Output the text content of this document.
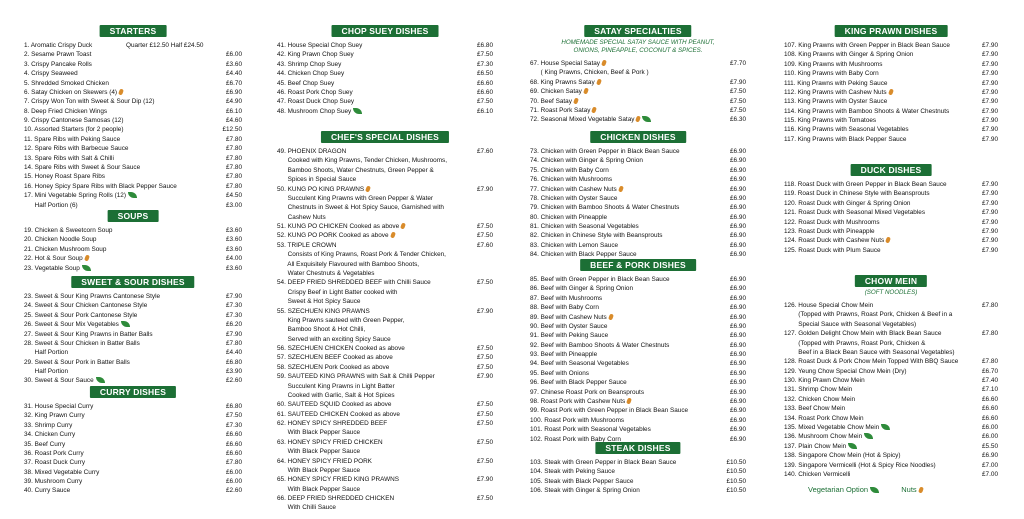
STARTERS
1. Aromatic Crispy Duck	Quarter £12.50 Half £24.50
2. Sesame Prawn Toast	£6.00
3. Crispy Pancake Rolls	£3.60
4. Crispy Seaweed	£4.40
5. Shredded Smoked Chicken	£6.70
6. Satay Chicken on Skewers (4)	£6.90
7. Crispy Won Ton with Sweet & Sour Dip (12)	£4.90
8. Deep Fried Chicken Wings	£6.10
9. Crispy Cantonese Samosas (12)	£4.60
10. Assorted Starters (for 2 people)	£12.50
11. Spare Ribs with Peking Sauce	£7.80
12. Spare Ribs with Barbecue Sauce	£7.80
13. Spare Ribs with Salt & Chilli	£7.80
14. Spare Ribs with Sweet & Sour Sauce	£7.80
15. Honey Roast Spare Ribs	£7.80
16. Honey Spicy Spare Ribs with Black Pepper Sauce	£7.80
17. Mini Vegetable Spring Rolls (12)	£4.50
Half Portion (6)	£3.00
SOUPS
19. Chicken & Sweetcorn Soup	£3.60
20. Chicken Noodle Soup	£3.60
21. Chicken Mushroom Soup	£3.60
22. Hot & Sour Soup	£4.00
23. Vegetable Soup	£3.60
SWEET & SOUR DISHES
23. Sweet & Sour King Prawns Cantonese Style	£7.90
24. Sweet & Sour Chicken Cantonese Style	£7.30
25. Sweet & Sour Pork Cantonese Style	£7.30
26. Sweet & Sour Mix Vegetables	£6.20
27. Sweet & Sour King Prawns in Batter Balls	£7.90
28. Sweet & Sour Chicken in Batter Balls	£7.80
Half Portion	£4.40
29. Sweet & Sour Pork in Batter Balls	£6.80
Half Portion	£3.90
30. Sweet & Sour Sauce	£2.60
CURRY DISHES
31. House Special Curry	£6.80
32. King Prawn Curry	£7.50
33. Shrimp Curry	£7.30
34. Chicken Curry	£6.60
35. Beef Curry	£6.60
36. Roast Pork Curry	£6.60
37. Roast Duck Curry	£7.80
38. Mixed Vegetable Curry	£6.00
39. Mushroom Curry	£6.00
40. Curry Sauce	£2.60
CHOP SUEY DISHES
41. House Special Chop Suey	£6.80
42. King Prawn Chop Suey	£7.50
43. Shrimp Chop Suey	£7.30
44. Chicken Chop Suey	£6.50
45. Beef Chop Suey	£6.60
46. Roast Pork Chop Suey	£6.60
47. Roast Duck Chop Suey	£7.50
48. Mushroom Chop Suey	£6.10
CHEF'S SPECIAL DISHES
49. PHOENIX DRAGON	£7.60
Cooked with King Prawns, Tender Chicken, Mushrooms,
Bamboo Shoots, Water Chestnuts, Green Pepper &
Spices in Special Sauce
50. KUNG PO KING PRAWNS	£7.90
Succulent King Prawns with Green Pepper & Water
Chestnuts in Sweet & Hot Spicy Sauce, Garnished with
Cashew Nuts
51. KUNG PO CHICKEN Cooked as above	£7.50
52. KUNG PO PORK Cooked as above	£7.50
53. TRIPLE CROWN	£7.60
Consists of King Prawns, Roast Pork & Tender Chicken,
All Exquisitely Flavoured with Bamboo Shoots,
Water Chestnuts & Vegetables
54. DEEP FRIED SHREDDED BEEF with Chilli Sauce	£7.50
Crispy Beef in Light Batter cooked with
Sweet & Hot Spicy Sauce
55. SZECHUEN KING PRAWNS	£7.90
King Prawns sauteed with Green Pepper,
Bamboo Shoot & Hot Chilli,
Served with an exciting Spicy Sauce
56. SZECHUEN CHICKEN Cooked as above	£7.50
57. SZECHUEN BEEF Cooked as above	£7.50
58. SZECHUEN Pork Cooked as above	£7.50
59. SAUTEED KING PRAWNS with Salt & Chilli Pepper	£7.90
Succulent King Prawns in Light Batter
Cooked with Garlic, Salt & Hot Spices
60. SAUTEED SQUID Cooked as above	£7.50
61. SAUTEED CHICKEN Cooked as above	£7.50
62. HONEY SPICY SHREDDED BEEF	£7.50
With Black Pepper Sauce
63. HONEY SPICY FRIED CHICKEN	£7.50
With Black Pepper Sauce
64. HONEY SPICY FRIED PORK	£7.50
With Black Pepper Sauce
65. HONEY SPICY FRIED KING PRAWNS	£7.90
With Black Pepper Sauce
66. DEEP FRIED SHREDDED CHICKEN	£7.50
With Chilli Sauce
SATAY SPECIALTIES
HOMEMADE SPECIAL SATAY SAUCE WITH PEANUT,
ONIONS, PINEAPPLE, COCONUT & SPICES.
67. House Special Satay	£7.70
( King Prawns, Chicken, Beef & Pork )
68. King Prawns Satay	£7.90
69. Chicken Satay	£7.50
70. Beef Satay	£7.50
71. Roast Pork Satay	£7.50
72. Seasonal Mixed Vegetable Satay	£6.30
CHICKEN DISHES
73. Chicken with Green Pepper in Black Bean Sauce	£6.90
74. Chicken with Ginger & Spring Onion	£6.90
75. Chicken with Baby Corn	£6.90
76. Chicken with Mushrooms	£6.90
77. Chicken with Cashew Nuts	£6.90
78. Chicken with Oyster Sauce	£6.90
79. Chicken with Bamboo Shoots & Water Chestnuts	£6.90
80. Chicken with Pineapple	£6.90
81. Chicken with Seasonal Vegetables	£6.90
82. Chicken in Chinese Style with Beansprouts	£6.90
83. Chicken with Lemon Sauce	£6.90
84. Chicken with Black Pepper Sauce	£6.90
BEEF & PORK DISHES
85. Beef with Green Pepper in Black Bean Sauce	£6.90
86. Beef with Ginger & Spring Onion	£6.90
87. Beef with Mushrooms	£6.90
88. Beef with Baby Corn	£6.90
89. Beef with Cashew Nuts	£6.90
90. Beef with Oyster Sauce	£6.90
91. Beef with Peking Sauce	£6.90
92. Beef with Bamboo Shoots & Water Chestnuts	£6.90
93. Beef with Pineapple	£6.90
94. Beef with Seasonal Vegetables	£6.90
95. Beef with Onions	£6.90
96. Beef with Black Pepper Sauce	£6.90
97. Chinese Roast Pork on Beansprouts	£6.90
98. Roast Pork with Cashew Nuts	£6.90
99. Roast Pork with Green Pepper in Black Bean Sauce	£6.90
100. Roast Pork with Mushrooms	£6.90
101. Roast Pork with Seasonal Vegetables	£6.90
102. Roast Pork with Baby Corn	£6.90
STEAK DISHES
103. Steak with Green Pepper in Black Bean Sauce	£10.50
104. Steak with Peking Sauce	£10.50
105. Steak with Black Pepper Sauce	£10.50
106. Steak with Ginger & Spring Onion	£10.50
KING PRAWN DISHES
107. King Prawns with Green Pepper in Black Bean Sauce	£7.90
108. King Prawns with Ginger & Spring Onion	£7.90
109. King Prawns with Mushrooms	£7.90
110. King Prawns with Baby Corn	£7.90
111. King Prawns with Peking Sauce	£7.90
112. King Prawns with Cashew Nuts	£7.90
113. King Prawns with Oyster Sauce	£7.90
114. King Prawns with Bamboo Shoots & Water Chestnuts	£7.90
115. King Prawns with Tomatoes	£7.90
116. King Prawns with Seasonal Vegetables	£7.90
117. King Prawns with Black Pepper Sauce	£7.90
DUCK DISHES
118. Roast Duck with Green Pepper in Black Bean Sauce	£7.90
119. Roast Duck in Chinese Style with Beansprouts	£7.90
120. Roast Duck with Ginger & Spring Onion	£7.90
121. Roast Duck with Seasonal Mixed Vegetables	£7.90
122. Roast Duck with Mushrooms	£7.90
123. Roast Duck with Pineapple	£7.90
124. Roast Duck with Cashew Nuts	£7.90
125. Roast Duck with Plum Sauce	£7.90
CHOW MEIN
(SOFT NOODLES)
126. House Special Chow Mein	£7.80
(Topped with Prawns, Roast Pork, Chicken & Beef in a
Special Sauce with Seasonal Vegetables)
127. Golden Delight Chow Mein with Black Bean Sauce	£7.80
(Topped with Prawns, Roast Pork, Chicken &
Beef in a Black Bean Sauce with Seasonal Vegetables)
128. Roast Duck & Pork Chow Mein Topped With BBQ Sauce	£7.80
129. Yeung Chow Special Chow Mein (Dry)	£6.70
130. King Prawn Chow Mein	£7.40
131. Shrimp Chow Mein	£7.10
132. Chicken Chow Mein	£6.60
133. Beef Chow Mein	£6.60
134. Roast Pork Chow Mein	£6.60
135. Mixed Vegetable Chow Mein	£6.00
136. Mushroom Chow Mein	£6.00
137. Plain Chow Mein	£5.50
138. Singapore Chow Mein (Hot & Spicy)	£6.90
139. Singapore Vermicelli (Hot & Spicy Rice Noodles)	£7.00
140. Chicken Vermicelli	£7.00
Vegetarian Option	Nuts
